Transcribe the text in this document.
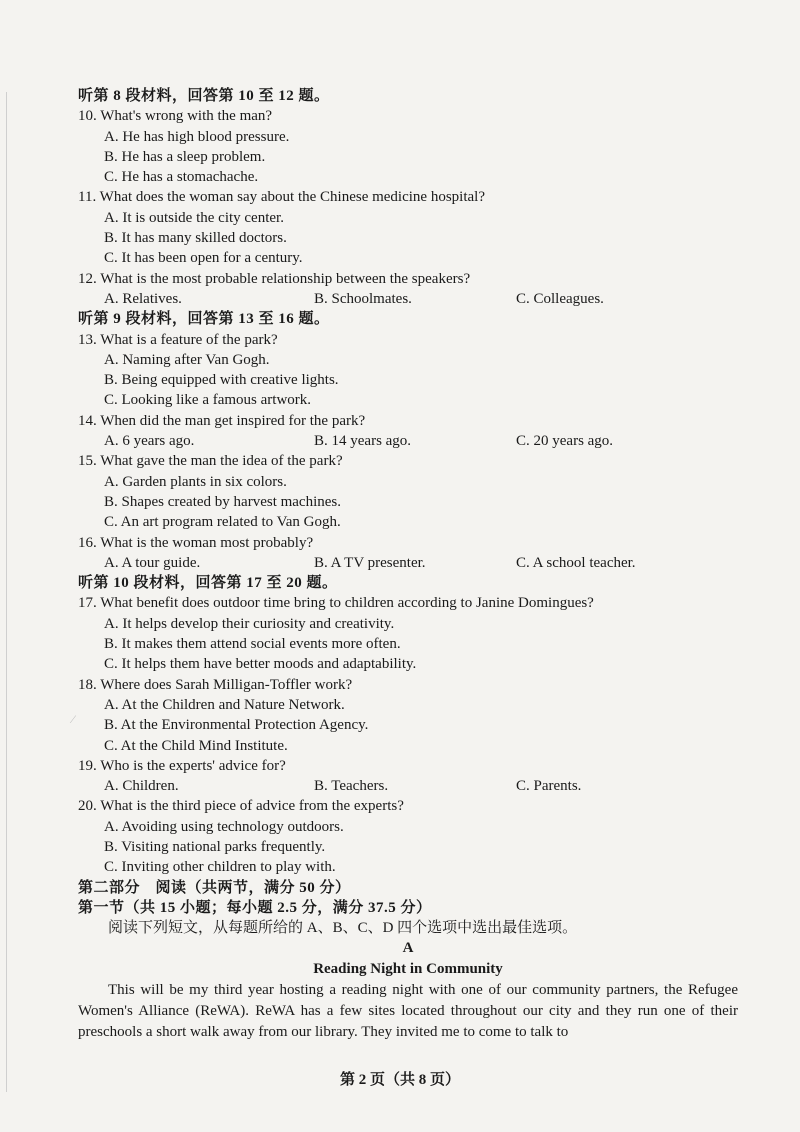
⁄
听第 8 段材料，回答第 10 至 12 题。
10. What's wrong with the man?
A. He has high blood pressure.
B. He has a sleep problem.
C. He has a stomachache.
11. What does the woman say about the Chinese medicine hospital?
A. It is outside the city center.
B. It has many skilled doctors.
C. It has been open for a century.
12. What is the most probable relationship between the speakers?
A. Relatives.	B. Schoolmates.	C. Colleagues.
听第 9 段材料，回答第 13 至 16 题。
13. What is a feature of the park?
A. Naming after Van Gogh.
B. Being equipped with creative lights.
C. Looking like a famous artwork.
14. When did the man get inspired for the park?
A. 6 years ago.	B. 14 years ago.	C. 20 years ago.
15. What gave the man the idea of the park?
A. Garden plants in six colors.
B. Shapes created by harvest machines.
C. An art program related to Van Gogh.
16. What is the woman most probably?
A. A tour guide.	B. A TV presenter.	C. A school teacher.
听第 10 段材料，回答第 17 至 20 题。
17. What benefit does outdoor time bring to children according to Janine Domingues?
A. It helps develop their curiosity and creativity.
B. It makes them attend social events more often.
C. It helps them have better moods and adaptability.
18. Where does Sarah Milligan-Toffler work?
A. At the Children and Nature Network.
B. At the Environmental Protection Agency.
C. At the Child Mind Institute.
19. Who is the experts' advice for?
A. Children.	B. Teachers.	C. Parents.
20. What is the third piece of advice from the experts?
A. Avoiding using technology outdoors.
B. Visiting national parks frequently.
C. Inviting other children to play with.
第二部分　阅读（共两节，满分 50 分）
第一节（共 15 小题；每小题 2.5 分，满分 37.5 分）
阅读下列短文，从每题所给的 A、B、C、D 四个选项中选出最佳选项。
A
Reading Night in Community
This will be my third year hosting a reading night with one of our community partners, the Refugee Women's Alliance (ReWA). ReWA has a few sites located throughout our city and they run one of their preschools a short walk away from our library. They invited me to come to talk to
第 2 页（共 8 页）
